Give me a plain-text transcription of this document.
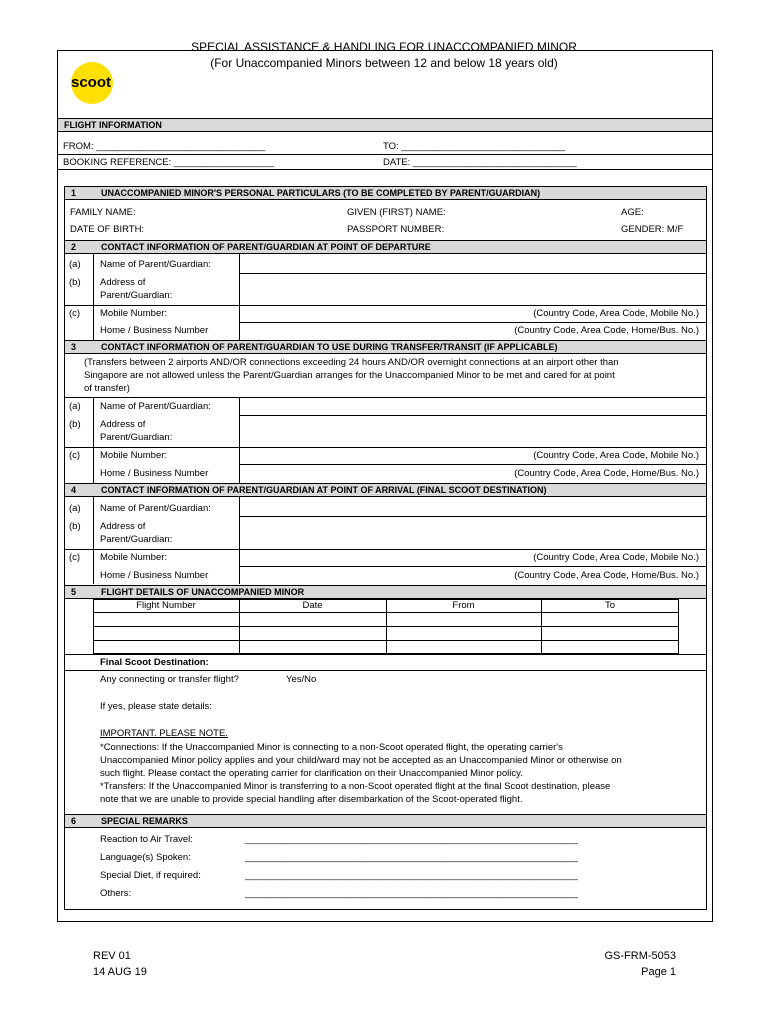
SPECIAL ASSISTANCE & HANDLING FOR UNACCOMPANIED MINOR
(For Unaccompanied Minors between 12 and below 18 years old)
scoot
FLIGHT INFORMATION
FROM: ________________________________	TO: _______________________________
BOOKING REFERENCE: ___________________	DATE: _______________________________
1	UNACCOMPANIED MINOR'S PERSONAL PARTICULARS (TO BE COMPLETED BY PARENT/GUARDIAN)
FAMILY NAME:	GIVEN (FIRST) NAME:	AGE:
DATE OF BIRTH:	PASSPORT NUMBER:	GENDER: M/F
2	CONTACT INFORMATION OF PARENT/GUARDIAN AT POINT OF DEPARTURE
(a) Name of Parent/Guardian:
(b) Address of
Parent/Guardian:
(c) Mobile Number:	(Country Code, Area Code, Mobile No.)
Home / Business Number	(Country Code, Area Code, Home/Bus. No.)
3	CONTACT INFORMATION OF PARENT/GUARDIAN TO USE DURING TRANSFER/TRANSIT (IF APPLICABLE)
(Transfers between 2 airports AND/OR connections exceeding 24 hours AND/OR overnight connections at an airport other than
Singapore are not allowed unless the Parent/Guardian arranges for the Unaccompanied Minor to be met and cared for at point
of transfer)
(a) Name of Parent/Guardian:
(b) Address of
Parent/Guardian:
(c) Mobile Number:	(Country Code, Area Code, Mobile No.)
Home / Business Number	(Country Code, Area Code, Home/Bus. No.)
4	CONTACT INFORMATION OF PARENT/GUARDIAN AT POINT OF ARRIVAL (FINAL SCOOT DESTINATION)
(a) Name of Parent/Guardian:
(b) Address of
Parent/Guardian:
(c) Mobile Number:	(Country Code, Area Code, Mobile No.)
Home / Business Number	(Country Code, Area Code, Home/Bus. No.)
5	FLIGHT DETAILS OF UNACCOMPANIED MINOR
Flight Number	Date	From	To
Final Scoot Destination:
Any connecting or transfer flight?	Yes/No
If yes, please state details:
IMPORTANT. PLEASE NOTE.
*Connections: If the Unaccompanied Minor is connecting to a non-Scoot operated flight, the operating carrier's
Unaccompanied Minor policy applies and your child/ward may not be accepted as an Unaccompanied Minor or otherwise on
such flight. Please contact the operating carrier for clarification on their Unaccompanied Minor policy.
*Transfers: If the Unaccompanied Minor is transferring to a non-Scoot operated flight at the final Scoot destination, please
note that we are unable to provide special handling after disembarkation of the Scoot-operated flight.
6	SPECIAL REMARKS
Reaction to Air Travel:	_______________________________________________________________
Language(s) Spoken:	_______________________________________________________________
Special Diet, if required:	_______________________________________________________________
Others:	_______________________________________________________________
REV 01
14 AUG 19
GS-FRM-5053
Page 1
